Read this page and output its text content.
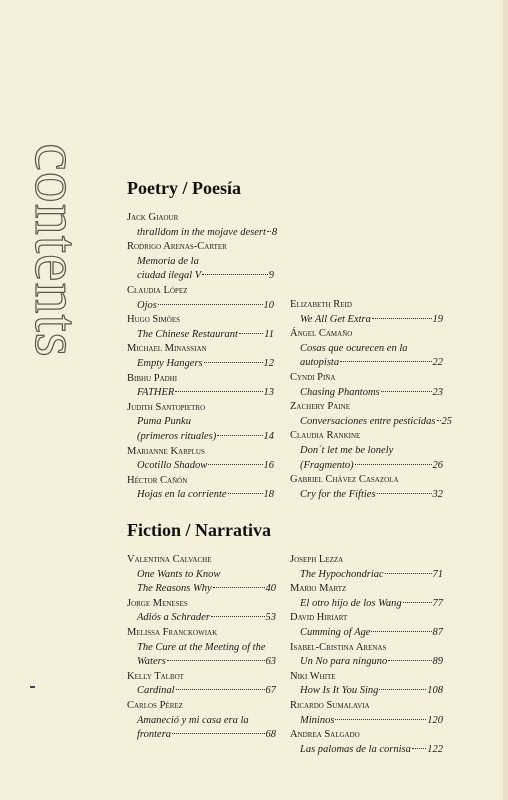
contents Poetry / Poesía
Jack Giaour
thralldom in the mojave desert 8
Rodrigo Arenas-Carter
Memoria de la
ciudad ilegal V	9
Claudia López
Ojos	10
Hugo Simões
The Chinese Restaurant	11
Michael Minassian
Empty Hangers	12
Bibhu Padhi
FATHER	13
Judith Santopietro
Puma Punku
(primeros rituales)	14
Marianne Karplus
Ocotillo Shadow	16
Héctor Cañón
Hojas en la corriente	18
Elizabeth Reid
We All Get Extra	19
Ángel Camaño
Cosas que ocurecen en la
autopista	22
Cyndi Piña
Chasing Phantoms	23
Zachery Paine
Conversaciones entre pesticidas 25
Claudia Rankine
Don´t let me be lonely
(Fragmento)	26
Gabriel Chávez Casazola
Cry for the Fifties	32
Fiction / Narrativa
Valentina Calvache
One Wants to Know
The Reasons Why	40
Jorge Meneses
Adiós a Schrader	53
Melissa Franckowiak
The Cure at the Meeting of the
Waters	63
Kelly Talbot
Cardinal	67
Carlos Pérez
Amaneció y mi casa era la
frontera	68
Joseph Lezza
The Hypochondriac	71
Mario Martz
El otro hijo de los Wang	77
David Hiriart
Cumming of Age	87
Isabel-Cristina Arenas
Un No para ninguno	89
Niki White
How Is It You Sing	108
Ricardo Sumalavia
Mininos	120
Andrea Salgado
Las palomas de la cornisa 122
